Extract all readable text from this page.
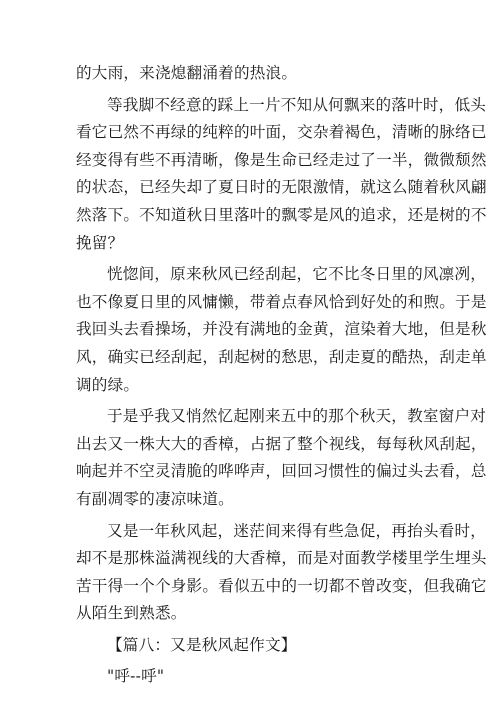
的大雨，来浇熄翻涌着的热浪。
等我脚不经意的踩上一片不知从何飘来的落叶时，低头
看它已然不再绿的纯粹的叶面，交杂着褐色，清晰的脉络已
经变得有些不再清晰，像是生命已经走过了一半，微微颓然
的状态，已经失却了夏日时的无限激情，就这么随着秋风翩
然落下。不知道秋日里落叶的飘零是风的追求，还是树的不
挽留？
恍惚间，原来秋风已经刮起，它不比冬日里的风凛冽，
也不像夏日里的风慵懒，带着点春风恰到好处的和煦。于是
我回头去看操场，并没有满地的金黄，渲染着大地，但是秋
风，确实已经刮起，刮起树的愁思，刮走夏的酷热，刮走单
调的绿。
于是乎我又悄然忆起刚来五中的那个秋天，教室窗户对
出去又一株大大的香樟，占据了整个视线，每每秋风刮起，
响起并不空灵清脆的哗哗声，回回习惯性的偏过头去看，总
有副凋零的凄凉味道。
又是一年秋风起，迷茫间来得有些急促，再抬头看时，
却不是那株溢满视线的大香樟，而是对面教学楼里学生埋头
苦干得一个个身影。看似五中的一切都不曾改变，但我确它
从陌生到熟悉。
【篇八：又是秋风起作文】
"呼--呼"
